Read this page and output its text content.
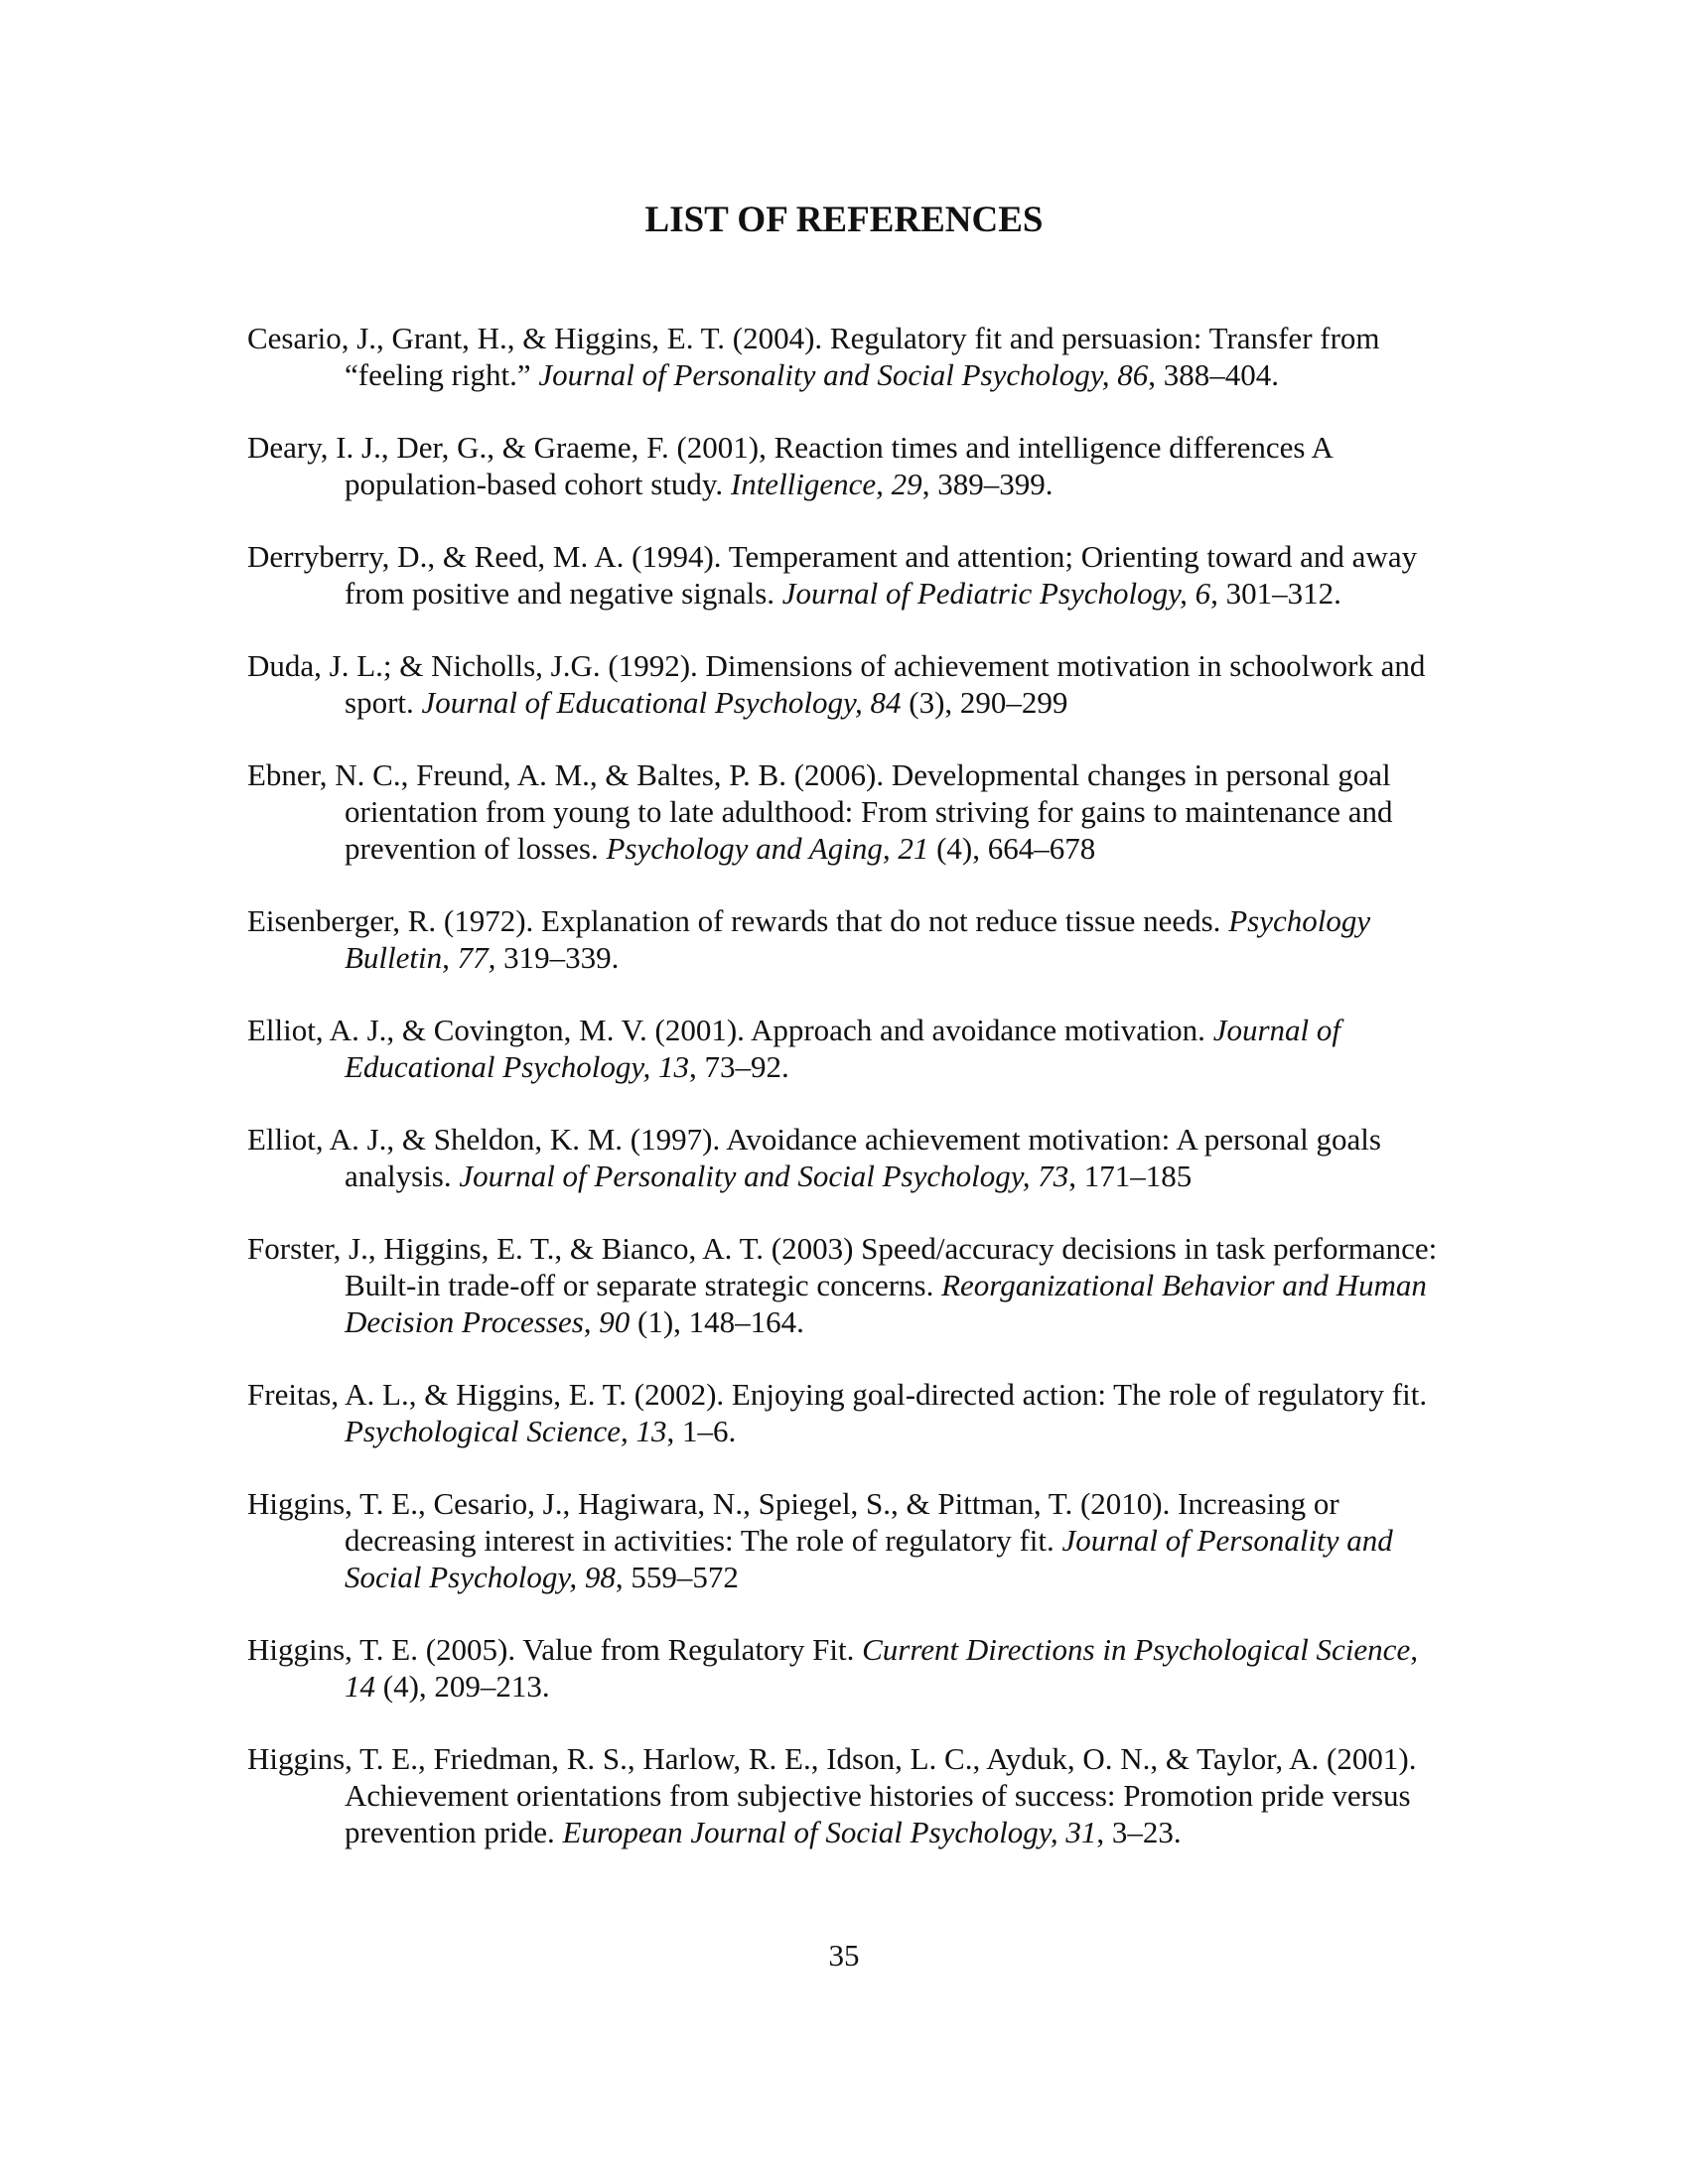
LIST OF REFERENCES
Cesario, J., Grant, H., & Higgins, E. T. (2004). Regulatory fit and persuasion: Transfer from “feeling right.” Journal of Personality and Social Psychology, 86, 388–404.
Deary, I. J., Der, G., & Graeme, F. (2001), Reaction times and intelligence differences A population-based cohort study. Intelligence, 29, 389–399.
Derryberry, D., & Reed, M. A. (1994). Temperament and attention; Orienting toward and away from positive and negative signals. Journal of Pediatric Psychology, 6, 301–312.
Duda, J. L.; & Nicholls, J.G. (1992). Dimensions of achievement motivation in schoolwork and sport. Journal of Educational Psychology, 84 (3), 290–299
Ebner, N. C., Freund, A. M., & Baltes, P. B. (2006). Developmental changes in personal goal orientation from young to late adulthood: From striving for gains to maintenance and prevention of losses. Psychology and Aging, 21 (4), 664–678
Eisenberger, R. (1972). Explanation of rewards that do not reduce tissue needs. Psychology Bulletin, 77, 319–339.
Elliot, A. J., & Covington, M. V. (2001). Approach and avoidance motivation. Journal of Educational Psychology, 13, 73–92.
Elliot, A. J., & Sheldon, K. M. (1997). Avoidance achievement motivation: A personal goals analysis. Journal of Personality and Social Psychology, 73, 171–185
Forster, J., Higgins, E. T., & Bianco, A. T. (2003) Speed/accuracy decisions in task performance: Built-in trade-off or separate strategic concerns. Reorganizational Behavior and Human Decision Processes, 90 (1), 148–164.
Freitas, A. L., & Higgins, E. T. (2002). Enjoying goal-directed action: The role of regulatory fit. Psychological Science, 13, 1–6.
Higgins, T. E., Cesario, J., Hagiwara, N., Spiegel, S., & Pittman, T. (2010). Increasing or decreasing interest in activities: The role of regulatory fit. Journal of Personality and Social Psychology, 98, 559–572
Higgins, T. E. (2005). Value from Regulatory Fit. Current Directions in Psychological Science, 14 (4), 209–213.
Higgins, T. E., Friedman, R. S., Harlow, R. E., Idson, L. C., Ayduk, O. N., & Taylor, A. (2001). Achievement orientations from subjective histories of success: Promotion pride versus prevention pride. European Journal of Social Psychology, 31, 3–23.
35
